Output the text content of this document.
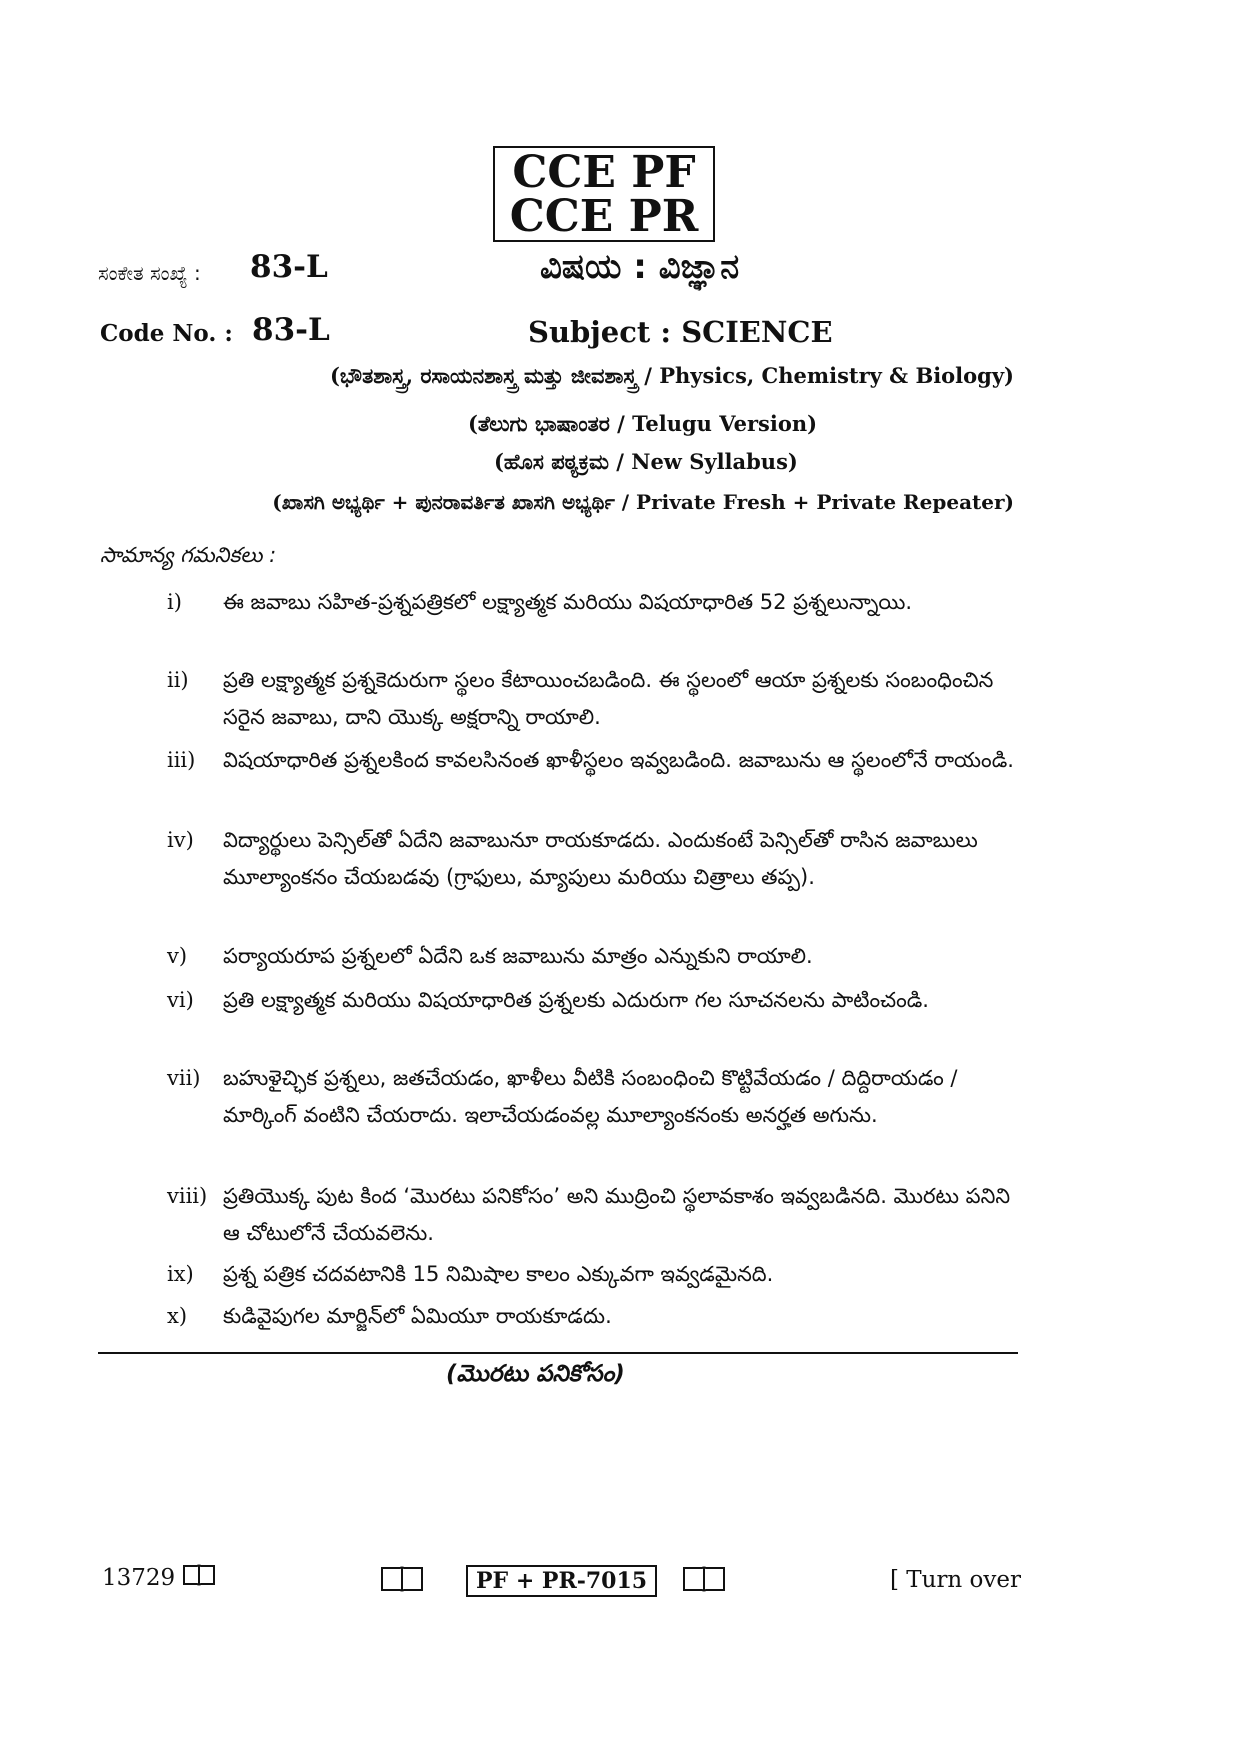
CCE PF
CCE PR
ಸಂಕೇತ ಸಂಖ್ಯೆ : 83-L	ವಿಷಯ : ವಿಜ್ಞಾನ
Code No. : 83-L	Subject : SCIENCE
(ಭೌತಶಾಸ್ತ್ರ, ರಸಾಯನಶಾಸ್ತ್ರ ಮತ್ತು ಜೀವಶಾಸ್ತ್ರ / Physics, Chemistry & Biology)
(ತೆಲುಗು ಭಾಷಾಂತರ / Telugu Version)
(ಹೊಸ ಪಠ್ಯಕ್ರಮ / New Syllabus)
(ಖಾಸಗಿ ಅಭ್ಯರ್ಥಿ + ಪುನರಾವರ್ತಿತ ಖಾಸಗಿ ಅಭ್ಯರ್ಥಿ / Private Fresh + Private Repeater)
సామాన్య గమనికలు :
i)	ఈ జవాబు సహిత-ప్రశ్నపత్రికలో లక్ష్యాత్మక మరియు విషయాధారిత 52 ప్రశ్నలున్నాయి.
ii)	ప్రతి లక్ష్యాత్మక ప్రశ్నకెదురుగా స్థలం కేటాయించబడింది. ఈ స్థలంలో ఆయా ప్రశ్నలకు సంబంధించిన సరైన జవాబు, దాని యొక్క అక్షరాన్ని రాయాలి.
iii)	విషయాధారిత ప్రశ్నలకింద కావలసినంత ఖాళీస్థలం ఇవ్వబడింది. జవాబును ఆ స్థలంలోనే రాయండి.
iv)	విద్యార్థులు పెన్సిల్‌తో ఏదేని జవాబునూ రాయకూడదు. ఎందుకంటే పెన్సిల్‌తో రాసిన జవాబులు మూల్యాంకనం చేయబడవు (గ్రాఫులు, మ్యాపులు మరియు చిత్రాలు తప్ప).
v)	పర్యాయరూప ప్రశ్నలలో ఏదేని ఒక జవాబును మాత్రం ఎన్నుకుని రాయాలి.
vi)	ప్రతి లక్ష్యాత్మక మరియు విషయాధారిత ప్రశ్నలకు ఎదురుగా గల సూచనలను పాటించండి.
vii)	బహుళైచ్ఛిక ప్రశ్నలు, జతచేయడం, ఖాళీలు వీటికి సంబంధించి కొట్టివేయడం / దిద్దిరాయడం / మార్కింగ్ వంటిని చేయరాదు. ఇలాచేయడంవల్ల మూల్యాంకనంకు అనర్హత అగును.
viii) ప్రతియొక్క పుట కింద ‘మొరటు పనికోసం’ అని ముద్రించి స్థలావకాశం ఇవ్వబడినది. మొరటు పనిని ఆ చోటులోనే చేయవలెను.
ix)	ప్రశ్న పత్రిక చదవటానికి 15 నిమిషాల కాలం ఎక్కువగా ఇవ్వడమైనది.
x)	కుడివైపుగల మార్జిన్‌లో ఏమియూ రాయకూడదు.
(మొరటు పనికోసం)
13729	PF + PR-7015	[ Turn over
